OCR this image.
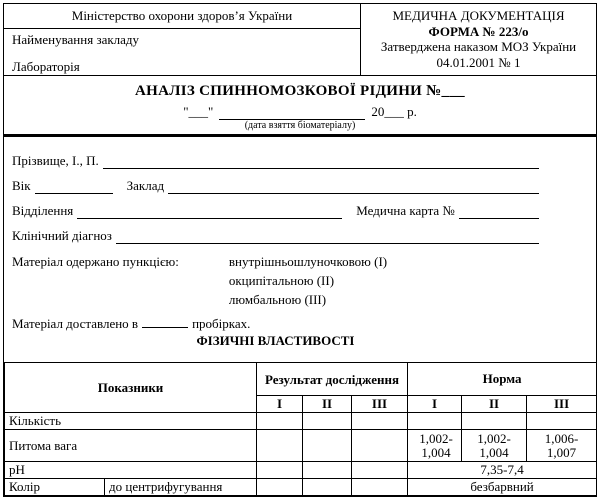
Міністерство охорони здоров’я України
Найменування закладу
Лабораторія
МЕДИЧНА ДОКУМЕНТАЦІЯ
ФОРМА № 223/о
Затверджена наказом МОЗ України
04.01.2001 № 1
АНАЛІЗ СПИННОМОЗКОВОЇ РІДИНИ №___
"___"	20___ р.
(дата взяття біоматеріалу)
Прізвище, І., П.
Вік	Заклад
Відділення	Медична карта №
Клінічний діагноз
Матеріал одержано пункцією:	внутрішньошлуночковою (І)
окципітальною (ІІ)
люмбальною (ІІІ)
Матеріал доставлено в	пробірках.
ФІЗИЧНІ ВЛАСТИВОСТІ
Показники		Результат дослідження			Норма		
		І	ІІ	ІІІ	І	ІІ	ІІІ
Кількість							
Питома вага					1,002-1,004	1,002-1,004	1,006-1,007

pH					7,35-7,4		
Колір	до центрифугування				безбарвний		
